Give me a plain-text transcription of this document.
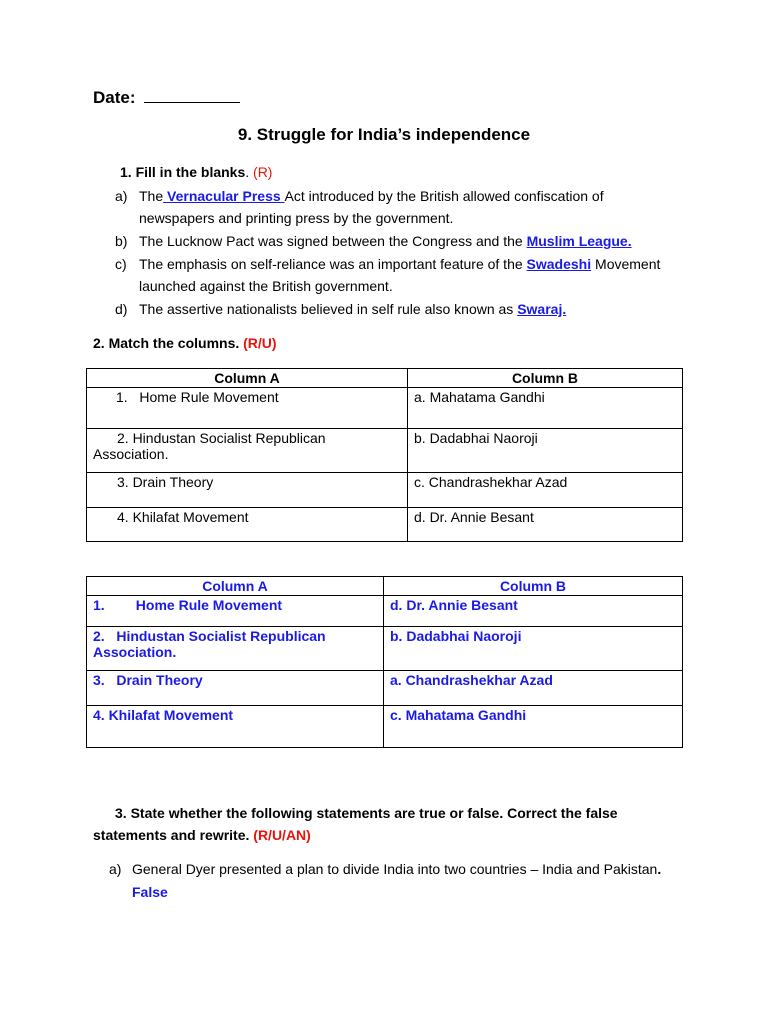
Date:
9. Struggle for India’s independence
1. Fill in the blanks. (R)
a) The Vernacular Press Act introduced by the British allowed confiscation of newspapers and printing press by the government.
b) The Lucknow Pact was signed between the Congress and the Muslim League.
c) The emphasis on self-reliance was an important feature of the Swadeshi Movement launched against the British government.
d) The assertive nationalists believed in self rule also known as Swaraj.
2. Match the columns. (R/U)
Column A	Column B
1.   Home Rule Movement	a. Mahatama Gandhi
2. Hindustan Socialist Republican Association.	b. Dadabhai Naoroji
3. Drain Theory	c. Chandrashekhar Azad
4. Khilafat Movement	d. Dr. Annie Besant
Column A	Column B
1.        Home Rule Movement	d. Dr. Annie Besant
2.   Hindustan Socialist Republican Association.	b. Dadabhai Naoroji
3.   Drain Theory	a. Chandrashekhar Azad
4. Khilafat Movement	c. Mahatama Gandhi
3. State whether the following statements are true or false. Correct the false statements and rewrite. (R/U/AN)
a) General Dyer presented a plan to divide India into two countries – India and Pakistan. False
